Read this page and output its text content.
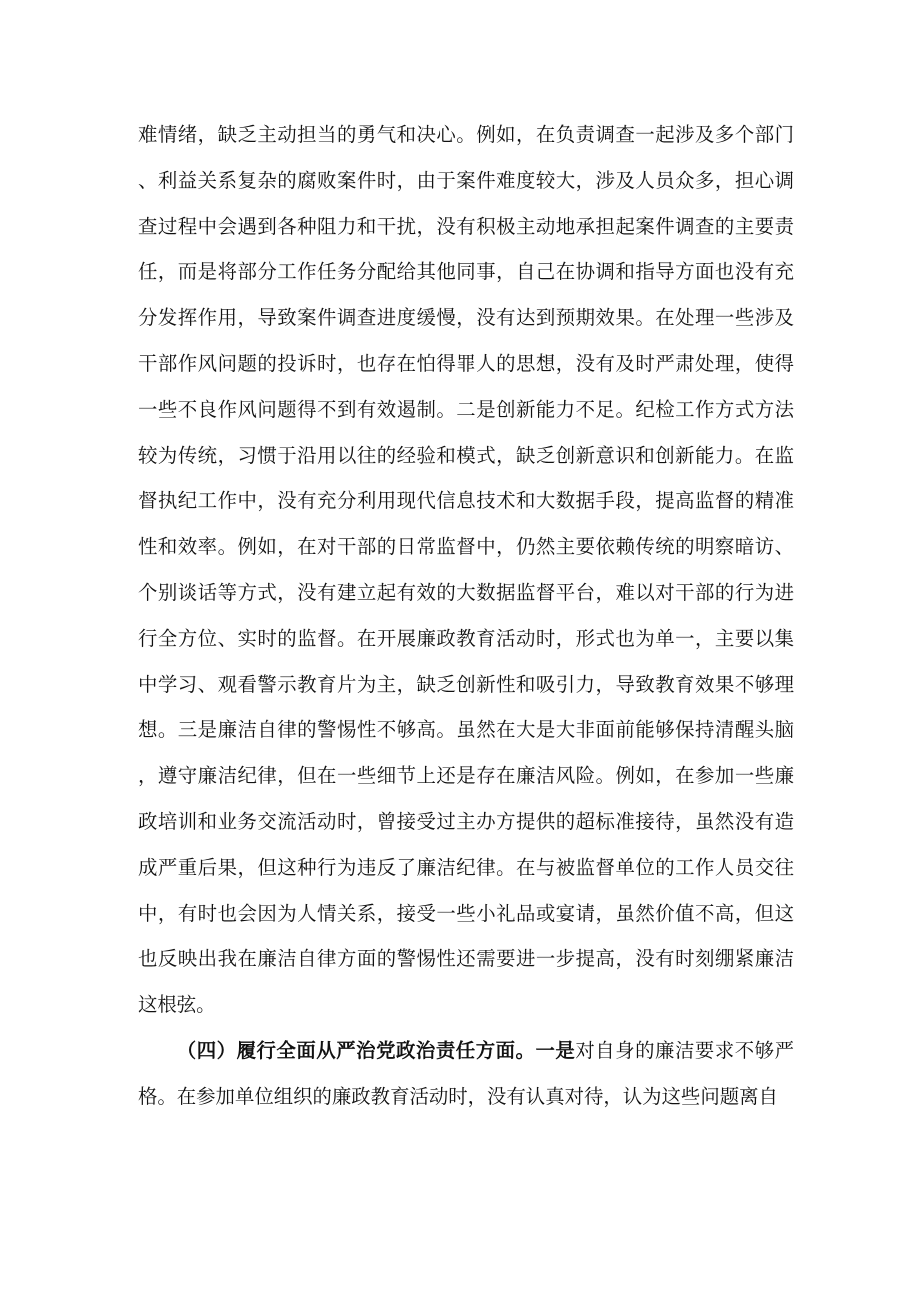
难情绪，缺乏主动担当的勇气和决心。例如，在负责调查一起涉及多个部门、利益关系复杂的腐败案件时，由于案件难度较大，涉及人员众多，担心调查过程中会遇到各种阻力和干扰，没有积极主动地承担起案件调查的主要责任，而是将部分工作任务分配给其他同事，自己在协调和指导方面也没有充分发挥作用，导致案件调查进度缓慢，没有达到预期效果。在处理一些涉及干部作风问题的投诉时，也存在怕得罪人的思想，没有及时严肃处理，使得一些不良作风问题得不到有效遏制。二是创新能力不足。纪检工作方式方法较为传统，习惯于沿用以往的经验和模式，缺乏创新意识和创新能力。在监督执纪工作中，没有充分利用现代信息技术和大数据手段，提高监督的精准性和效率。例如，在对干部的日常监督中，仍然主要依赖传统的明察暗访、个别谈话等方式，没有建立起有效的大数据监督平台，难以对干部的行为进行全方位、实时的监督。在开展廉政教育活动时，形式也为单一，主要以集中学习、观看警示教育片为主，缺乏创新性和吸引力，导致教育效果不够理想。三是廉洁自律的警惕性不够高。虽然在大是大非面前能够保持清醒头脑，遵守廉洁纪律，但在一些细节上还是存在廉洁风险。例如，在参加一些廉政培训和业务交流活动时，曾接受过主办方提供的超标准接待，虽然没有造成严重后果，但这种行为违反了廉洁纪律。在与被监督单位的工作人员交往中，有时也会因为人情关系，接受一些小礼品或宴请，虽然价值不高，但这也反映出我在廉洁自律方面的警惕性还需要进一步提高，没有时刻绷紧廉洁这根弦。

（四）履行全面从严治党政治责任方面。一是对自身的廉洁要求不够严格。在参加单位组织的廉政教育活动时，没有认真对待，认为这些问题离自
